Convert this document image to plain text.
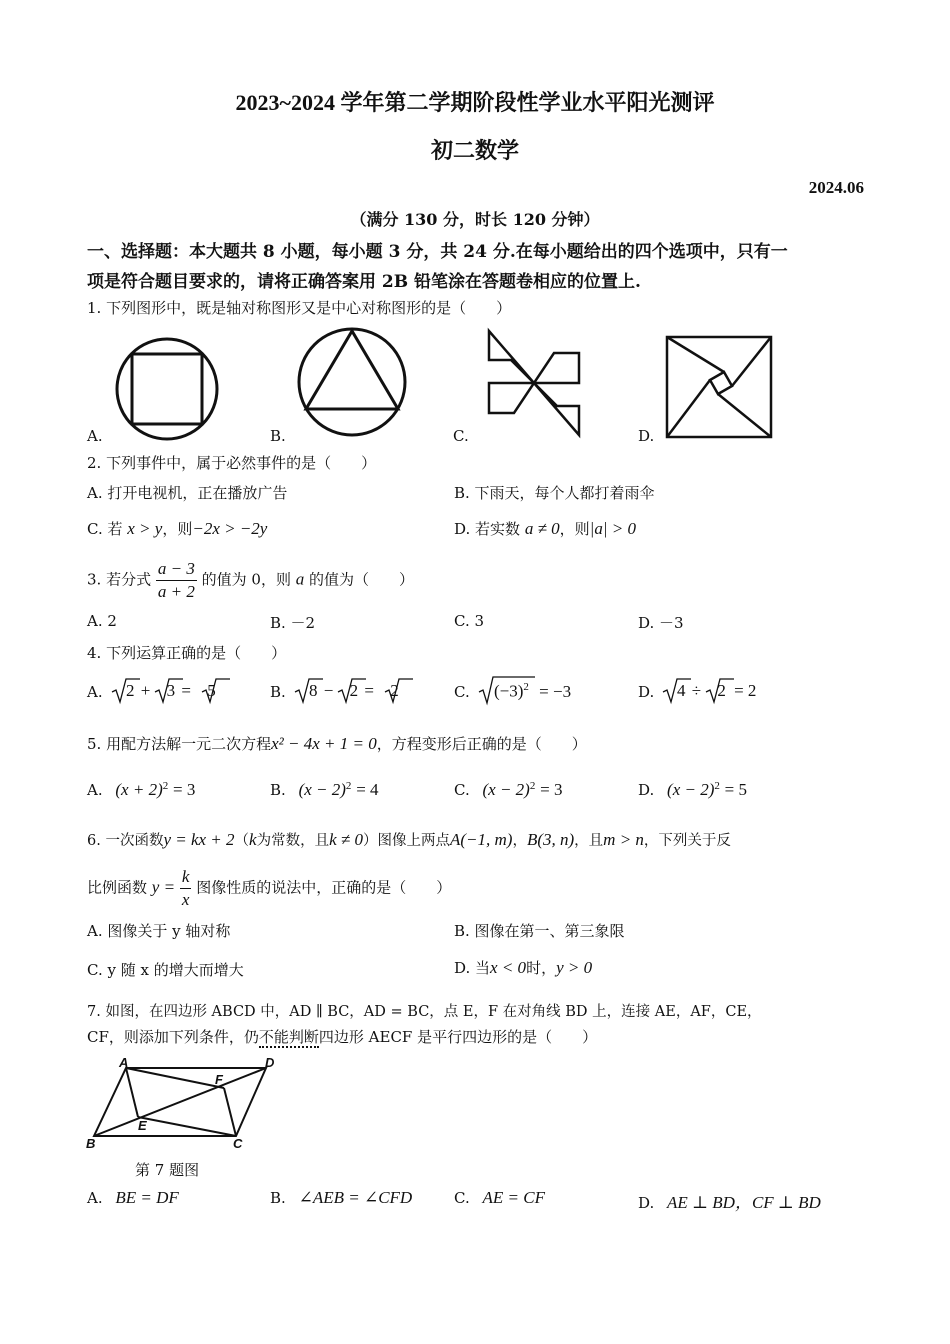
2023~2024 学年第二学期阶段性学业水平阳光测评
初二数学
2024.06
（满分 130 分，时长 120 分钟）
一、选择题：本大题共 8 小题，每小题 3 分，共 24 分.在每小题给出的四个选项中，只有一
项是符合题目要求的，请将正确答案用 2B 铅笔涂在答题卷相应的位置上.
1. 下列图形中，既是轴对称图形又是中心对称图形的是（　　）
A.	B.	C.	D.
2. 下列事件中，属于必然事件的是（　　）
A. 打开电视机，正在播放广告	B. 下雨天，每个人都打着雨伞
C. 若 x > y，则−2x > −2y	D. 若实数 a ≠ 0，则|a| > 0
3. 若分式 $\frac{a - 3}{a + 2}$ 的值为 0，则 a 的值为（　　）
A. 2	B. －2	C. 3	D. －3
4. 下列运算正确的是（　　）
A.	B.	C.	D.
2 + 3 = 5	8 − 2 = 2	$(-3)^2 = -3$	4 ÷ 2 = 2
5. 用配方法解一元二次方程x² − 4x + 1 = 0，方程变形后正确的是（　　）
A. $(x + 2)^2 = 3$	B. $(x - 2)^2 = 4$	C. $(x - 2)^2 = 3$	D. $(x - 2)^2 = 5$
6. 一次函数y = kx + 2（k为常数，且k ≠ 0）图像上两点A(−1, m)，B(3, n)，且m > n，下列关于反
比例函数 $y = \frac{k}{x}$ 图像性质的说法中，正确的是（　　）
A. 图像关于 y 轴对称	B. 图像在第一、第三象限
C. y 随 x 的增大而增大	D. 当x < 0时，y > 0
7. 如图，在四边形 ABCD 中，AD ∥ BC，AD = BC，点 E，F 在对角线 BD 上，连接 AE，AF，CE，
CF，则添加下列条件，仍不能判断四边形 AECF 是平行四边形的是（　　）
A	D
F
E
B	C
第 7 题图
A. BE = DF	B. ∠AEB = ∠CFD	C. AE = CF	D. AE ⊥ BD，CF ⊥ BD
